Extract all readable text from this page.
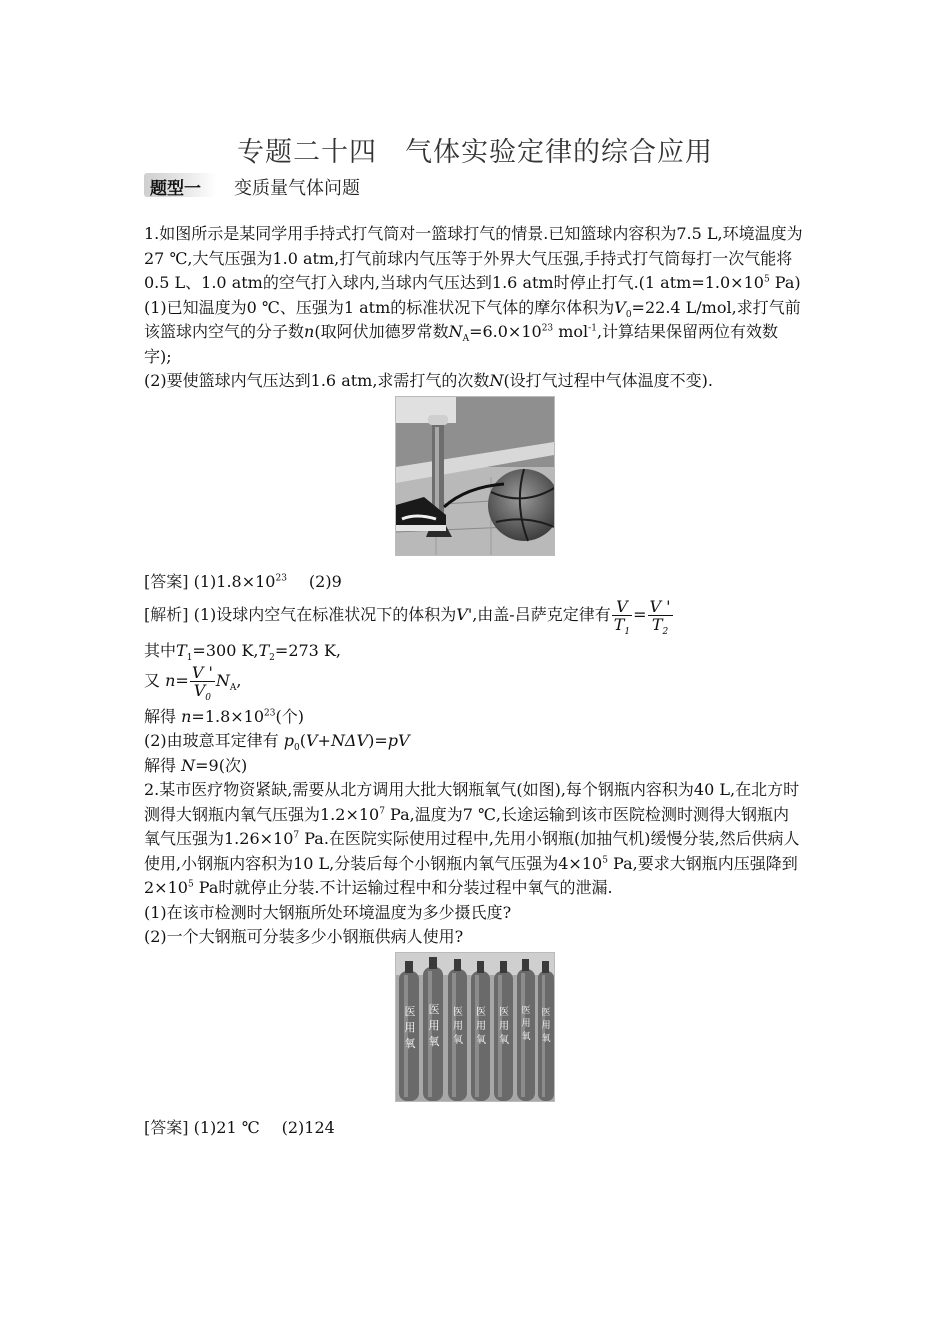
专题二十四　气体实验定律的综合应用
题型一 变质量气体问题

1.如图所示是某同学用手持式打气筒对一篮球打气的情景.已知篮球内容积为7.5 L,环境温度为27 ℃,大气压强为1.0 atm,打气前球内气压等于外界大气压强,手持式打气筒每打一次气能将0.5 L、1.0 atm的空气打入球内,当球内气压达到1.6 atm时停止打气.(1 $atm=1.0\times 10^5$ Pa)

(1)已知温度为0 ℃、压强为1 atm的标准状况下气体的摩尔体积为$V_0=22.4$ L/mol,求打气前该篮球内空气的分子数n(取阿伏加德罗常数$N_A=6.0\times 10^{23}$ mol$^{-1}$,计算结果保留两位有效数字);

(2)要使篮球内气压达到1.6 atm,求需打气的次数N(设打气过程中气体温度不变).

[答案] $(1)1.8\times 10^{23}$ (2)9

[解析] (1)设球内空气在标准状况下的体积为V',由盖-吕萨克定律有 $\frac{V}{T_1} = \frac{V '}{T_2}$

其中$T_1=300$ $K,T_2=273$ K,

又 $n= \frac{V '}{V_0} N_A$,

解得 $n=1.8\times 10^{23}$(个)

(2)由玻意耳定律有 $p_0(V+N\Delta V)=pV$

解得 N=9(次)

2.某市医疗物资紧缺,需要从北方调用大批大钢瓶氧气(如图),每个钢瓶内容积为40 L,在北方时测得大钢瓶内氧气压强为$1.2\times 10^7$ Pa,温度为7 ℃,长途运输到该市医院检测时测得大钢瓶内氧气压强为$1.26\times 10^7$ Pa.在医院实际使用过程中,先用小钢瓶(加抽气机)缓慢分装,然后供病人使用,小钢瓶内容积为10 L,分装后每个小钢瓶内氧气压强为$4\times 10^5$ Pa,要求大钢瓶内压强降到$2\times 10^5$ Pa时就停止分装.不计运输过程中和分装过程中氧气的泄漏.

(1)在该市检测时大钢瓶所处环境温度为多少摄氏度?

(2)一个大钢瓶可分装多少小钢瓶供病人使用?

医
用
氧
医
用
氧
医
用
氧
医
用
氧
医
用
氧
医
用
氧
医
用
氧

[答案] (1)21 ℃ (2)124
